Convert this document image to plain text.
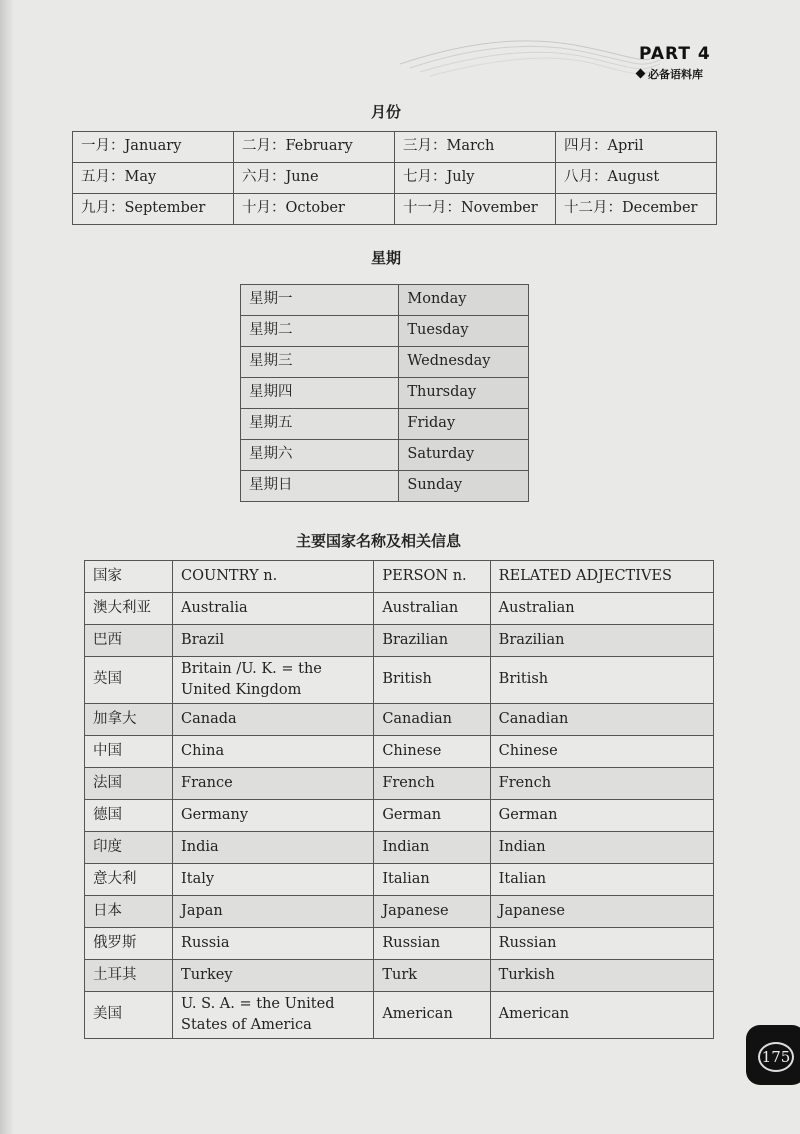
PART 4
必备语料库
月份
一月：January	二月：February	三月：March	四月：April
五月：May	六月：June	七月：July	八月：August
九月：September	十月：October	十一月：November	十二月：December
星期
星期一	Monday
星期二	Tuesday
星期三	Wednesday
星期四	Thursday
星期五	Friday
星期六	Saturday
星期日	Sunday
主要国家名称及相关信息
国家	COUNTRY n.	PERSON n.	RELATED ADJECTIVES
澳大利亚	Australia	Australian	Australian
巴西	Brazil	Brazilian	Brazilian
英国	Britain /U. K. = the United Kingdom	British	British
加拿大	Canada	Canadian	Canadian
中国	China	Chinese	Chinese
法国	France	French	French
德国	Germany	German	German
印度	India	Indian	Indian
意大利	Italy	Italian	Italian
日本	Japan	Japanese	Japanese
俄罗斯	Russia	Russian	Russian
土耳其	Turkey	Turk	Turkish
美国	U. S. A. = the United States of America	American	American
175
